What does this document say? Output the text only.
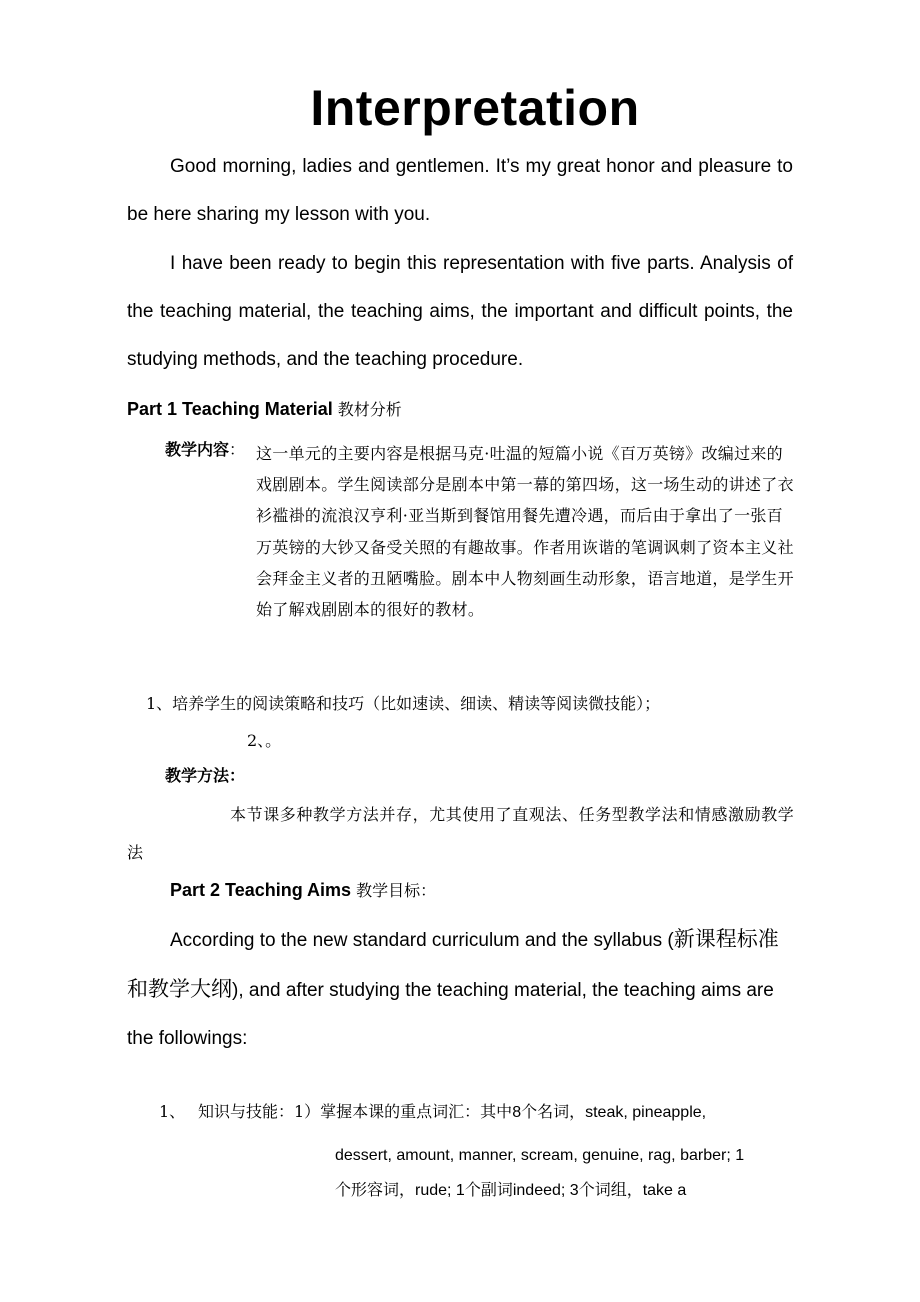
Interpretation
Good morning, ladies and gentlemen. It’s my great honor and pleasure to be here sharing my lesson with you.
I have been ready to begin this representation with five parts. Analysis of the teaching material, the teaching aims, the important and difficult points, the studying methods, and the teaching procedure.
Part 1 Teaching Material 教材分析
教学内容： 这一单元的主要内容是根据马克·吐温的短篇小说《百万英镑》改编过来的戏剧剧本。学生阅读部分是剧本中第一幕的第四场，这一场生动的讲述了衣衫褴褂的流浪汉亨利·亚当斯到餐馆用餐先遭冷遇，而后由于拿出了一张百万英镑的大钞又备受关照的有趣故事。作者用诙谐的笔调讽刺了资本主义社会拜金主义者的丑陋嘴脸。剧本中人物刻画生动形象，语言地道，是学生开始了解戏剧剧本的很好的教材。
1、培养学生的阅读策略和技巧（比如速读、细读、精读等阅读微技能）；
2、。
教学方法：
本节课多种教学方法并存，尤其使用了直观法、任务型教学法和情感激励教学法
Part 2 Teaching Aims 教学目标：
According to the new standard curriculum and the syllabus (新课程标准和教学大纲), and after studying the teaching material, the teaching aims are the followings:
1、 知识与技能：1）掌握本课的重点词汇：其中8个名词，steak, pineapple,
dessert, amount, manner, scream, genuine, rag, barber; 1
个形容词，rude; 1个副词indeed; 3个词组，take a
